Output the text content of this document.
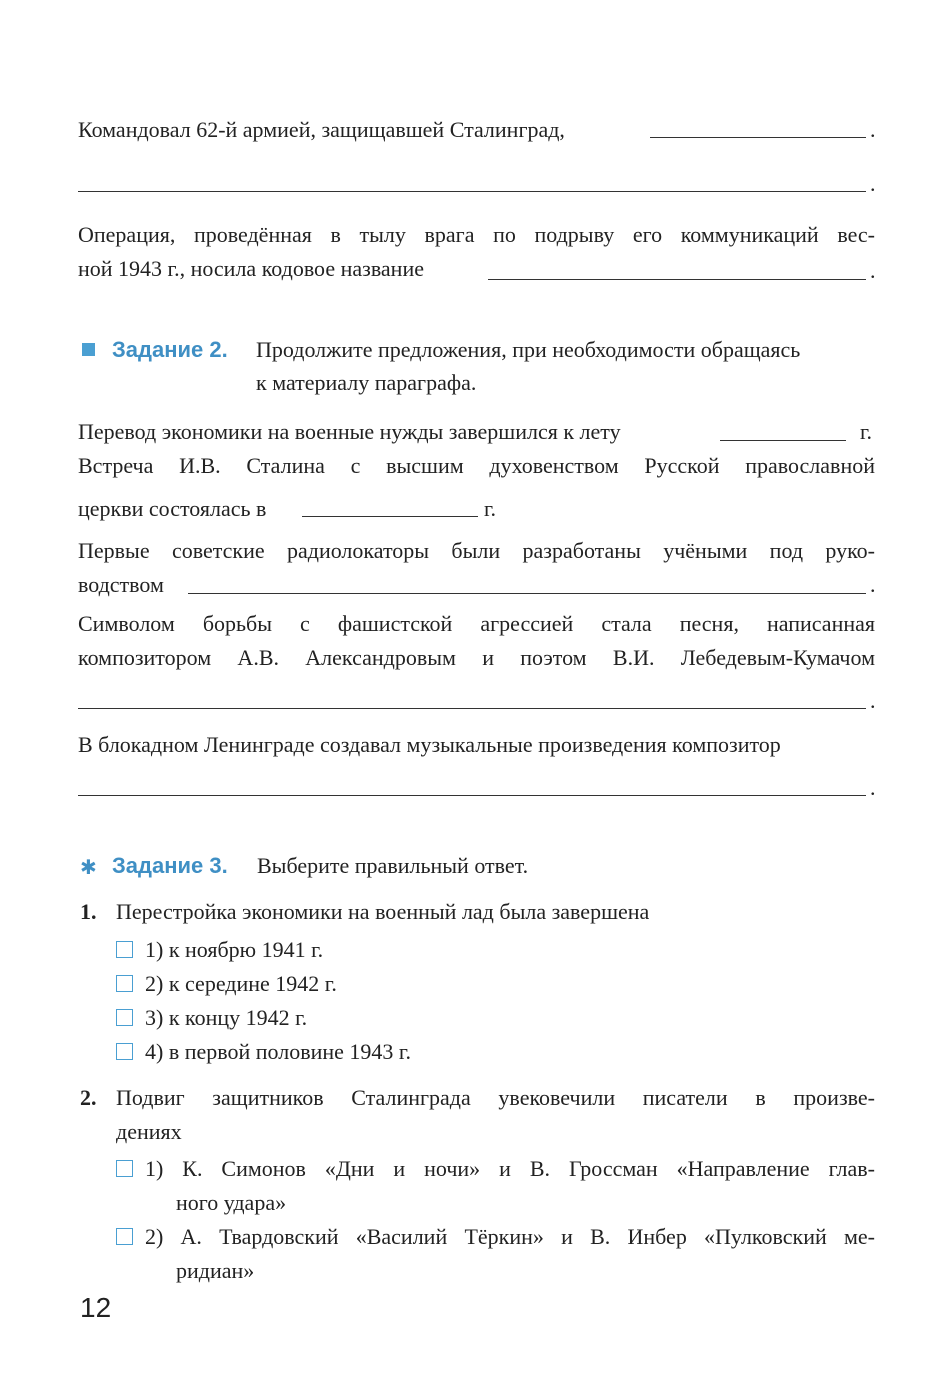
Командовал 62-й армией, защищавшей Сталинград,	.
.
Операция, проведённая в тылу врага по подрыву его коммуникаций вес-
ной 1943 г., носила кодовое название	.
Задание 2. Продолжите предложения, при необходимости обращаясь
к материалу параграфа.
Перевод экономики на военные нужды завершился к лету	г.
Встреча И.В. Сталина с высшим духовенством Русской православной
церкви состоялась в	г.
Первые советские радиолокаторы были разработаны учёными под руко-
водством	.
Символом борьбы с фашистской агрессией стала песня, написанная
композитором А.В. Александровым и поэтом В.И. Лебедевым-Кумачом
.
В блокадном Ленинграде создавал музыкальные произведения композитор
.
✱ Задание 3. Выберите правильный ответ.
1. Перестройка экономики на военный лад была завершена
1) к ноябрю 1941 г.
2) к середине 1942 г.
3) к концу 1942 г.
4) в первой половине 1943 г.
2. Подвиг защитников Сталинграда увековечили писатели в произве-
дениях
1) К. Симонов «Дни и ночи» и В. Гроссман «Направление глав-
ного удара»
2) А. Твардовский «Василий Тёркин» и В. Инбер «Пулковский ме-
ридиан»
12
